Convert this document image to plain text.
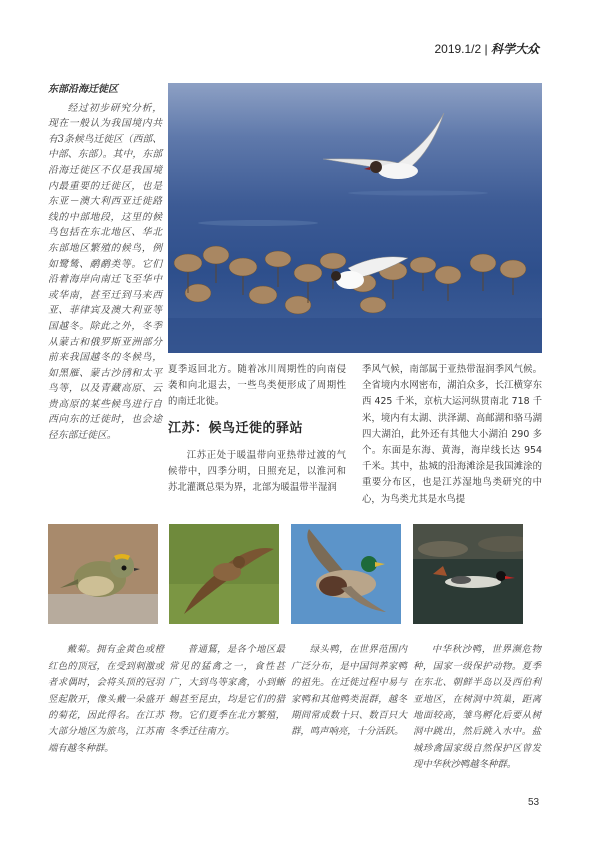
2019.1/2 | 科学大众
东部沿海迁徙区

经过初步研究分析，现在一般认为我国境内共有3条候鸟迁徙区（西部、中部、东部）。其中，东部沿海迁徙区不仅是我国境内最重要的迁徙区，也是东亚－澳大利西亚迁徙路线的中部地段，这里的候鸟包括在东北地区、华北东部地区繁殖的候鸟，例如鹭鸶、鹬鹬类等。它们沿着海岸向南迁飞至华中或华南，甚至迁到马来西亚、菲律宾及澳大利亚等国越冬。除此之外，冬季从蒙古和俄罗斯亚洲部分前来我国越冬的冬候鸟，如黑雁、蒙古沙鸻和太平鸟等，以及青藏高原、云贵高原的某些候鸟进行自西向东的迁徙时，也会途径东部迁徙区。

夏季返回北方。随着冰川周期性的向南侵袭和向北退去，一些鸟类便形成了周期性的南迁北徙。

江苏：候鸟迁徙的驿站

江苏正处于暖温带向亚热带过渡的气候带中，四季分明，日照充足，以淮河和苏北灌溉总渠为界，北部为暖温带半湿润

季风气候，南部属于亚热带湿润季风气候。全省境内水网密布，湖泊众多，长江横穿东西 425 千米，京杭大运河纵贯南北 718 千米，境内有太湖、洪泽湖、高邮湖和骆马湖四大湖泊，此外还有其他大小湖泊 290 多个。东面是东海、黄海，海岸线长达 954 千米。其中，盐城的沿海滩涂是我国滩涂的重要分布区，也是江苏湿地鸟类研究的中心，为鸟类尤其是水鸟提

戴菊。拥有金黄色或橙红色的顶冠，在受到刺激或者求偶时，会将头顶的冠羽竖起散开，像头戴一朵盛开的菊花，因此得名。在江苏大部分地区为旅鸟，江苏南端有越冬种群。

普通鵟，是各个地区最常见的猛禽之一，食性甚广，大到鸟等家禽，小到蜥蜴甚至昆虫，均是它们的猎物。它们夏季在北方繁殖，冬季迁往南方。

绿头鸭，在世界范围内广泛分布，是中国饲养家鸭的祖先。在迁徙过程中易与家鸭和其他鸭类混群，越冬期间常成数十只、数百只大群，鸣声响亮，十分活跃。

中华秋沙鸭，世界濒危物种，国家一级保护动物。夏季在东北、朝鲜半岛以及西伯利亚地区，在树洞中筑巢，距离地面较高，雏鸟孵化后要从树洞中跳出，然后跳入水中。盐城珍禽国家级自然保护区曾发现中华秋沙鸭越冬种群。

53
